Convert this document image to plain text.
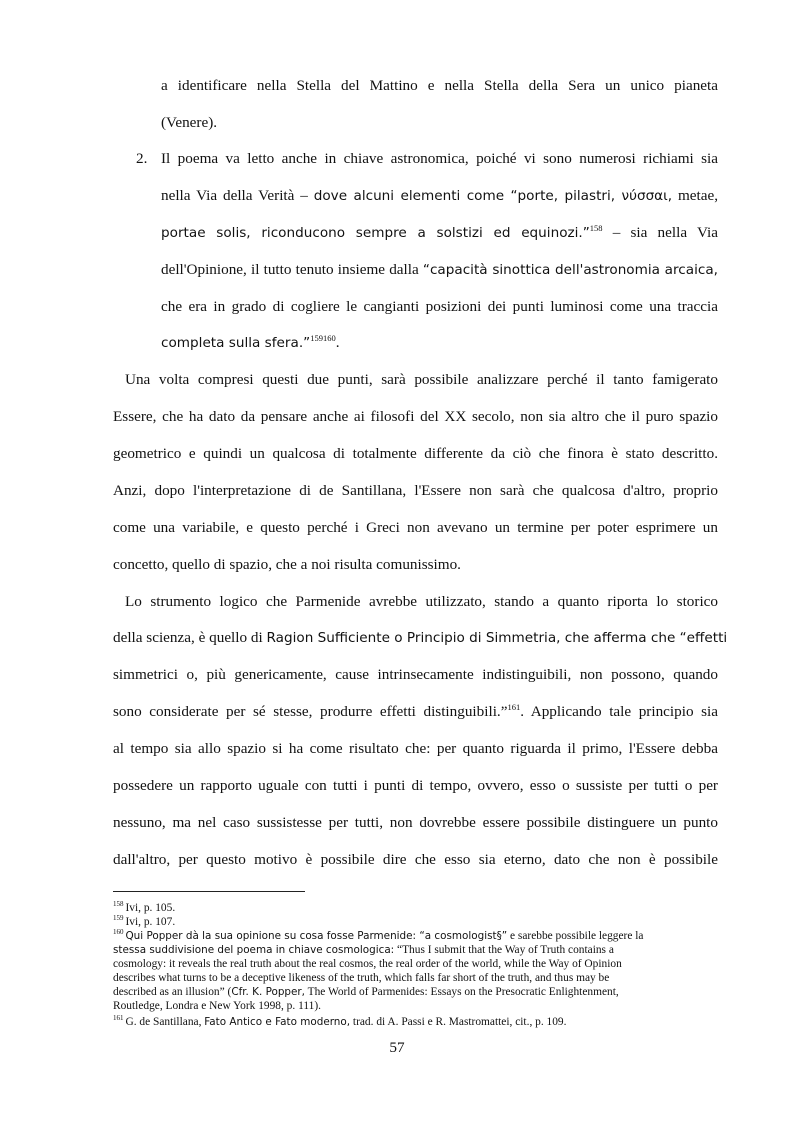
a identificare nella Stella del Mattino e nella Stella della Sera un unico pianeta
(Venere).
2. Il poema va letto anche in chiave astronomica, poiché vi sono numerosi richiami sia
nella Via della Verità – dove alcuni elementi come “porte, pilastri, νύσσαι, metae,
portae solis, riconducono sempre a solstizi ed equinozi.”$^{158}$ – sia nella Via
dell'Opinione, il tutto tenuto insieme dalla “capacità sinottica dell'astronomia arcaica,
che era in grado di cogliere le cangianti posizioni dei punti luminosi come una traccia
completa sulla sfera.”$^{159160}$.
Una volta compresi questi due punti, sarà possibile analizzare perché il tanto famigerato
Essere, che ha dato da pensare anche ai filosofi del XX secolo, non sia altro che il puro spazio
geometrico e quindi un qualcosa di totalmente differente da ciò che finora è stato descritto.
Anzi, dopo l'interpretazione di de Santillana, l'Essere non sarà che qualcosa d'altro, proprio
come una variabile, e questo perché i Greci non avevano un termine per poter esprimere un
concetto, quello di spazio, che a noi risulta comunissimo.
Lo strumento logico che Parmenide avrebbe utilizzato, stando a quanto riporta lo storico
della scienza, è quello di Ragion Sufficiente o Principio di Simmetria, che afferma che “effetti
simmetrici o, più genericamente, cause intrinsecamente indistinguibili, non possono, quando
sono considerate per sé stesse, produrre effetti distinguibili.”$^{161}$. Applicando tale principio sia
al tempo sia allo spazio si ha come risultato che: per quanto riguarda il primo, l'Essere debba
possedere un rapporto uguale con tutti i punti di tempo, ovvero, esso o sussiste per tutti o per
nessuno, ma nel caso sussistesse per tutti, non dovrebbe essere possibile distinguere un punto
dall'altro, per questo motivo è possibile dire che esso sia eterno, dato che non è possibile
$^{158}$ Ivi, p. 105.
$^{159}$ Ivi, p. 107.
$^{160}$ Qui Popper dà la sua opinione su cosa fosse Parmenide: “a cosmologist§” e sarebbe possibile leggere la
stessa suddivisione del poema in chiave cosmologica: “Thus I submit that the Way of Truth contains a
cosmology: it reveals the real truth about the real cosmos, the real order of the world, while the Way of Opinion
describes what turns to be a deceptive likeness of the truth, which falls far short of the truth, and thus may be
described as an illusion” (Cfr. K. Popper, The World of Parmenides: Essays on the Presocratic Enlightenment,
Routledge, Londra e New York 1998, p. 111).
$^{161}$ G. de Santillana, Fato Antico e Fato moderno, trad. di A. Passi e R. Mastromattei, cit., p. 109.
57
